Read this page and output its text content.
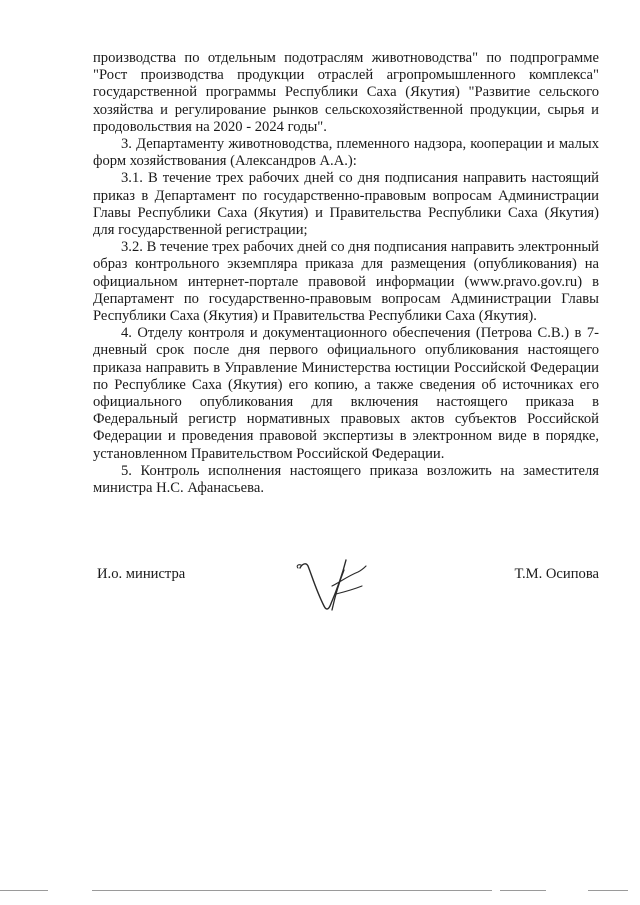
производства по отдельным подотраслям животноводства" по подпрограмме "Рост производства продукции отраслей агропромышленного комплекса" государственной программы Республики Саха (Якутия) "Развитие сельского хозяйства и регулирование рынков сельскохозяйственной продукции, сырья и продовольствия на 2020 - 2024 годы".

3. Департаменту животноводства, племенного надзора, кооперации и малых форм хозяйствования (Александров А.А.):

3.1. В течение трех рабочих дней со дня подписания направить настоящий приказ в Департамент по государственно-правовым вопросам Администрации Главы Республики Саха (Якутия) и Правительства Республики Саха (Якутия) для государственной регистрации;

3.2. В течение трех рабочих дней со дня подписания направить электронный образ контрольного экземпляра приказа для размещения (опубликования) на официальном интернет-портале правовой информации (www.pravo.gov.ru) в Департамент по государственно-правовым вопросам Администрации Главы Республики Саха (Якутия) и Правительства Республики Саха (Якутия).

4. Отделу контроля и документационного обеспечения (Петрова С.В.) в 7-дневный срок после дня первого официального опубликования настоящего приказа направить в Управление Министерства юстиции Российской Федерации по Республике Саха (Якутия) его копию, а также сведения об источниках его официального опубликования для включения настоящего приказа в Федеральный регистр нормативных правовых актов субъектов Российской Федерации и проведения правовой экспертизы в электронном виде в порядке, установленном Правительством Российской Федерации.

5. Контроль исполнения настоящего приказа возложить на заместителя министра Н.С. Афанасьева.

И.о. министра	Т.М. Осипова
